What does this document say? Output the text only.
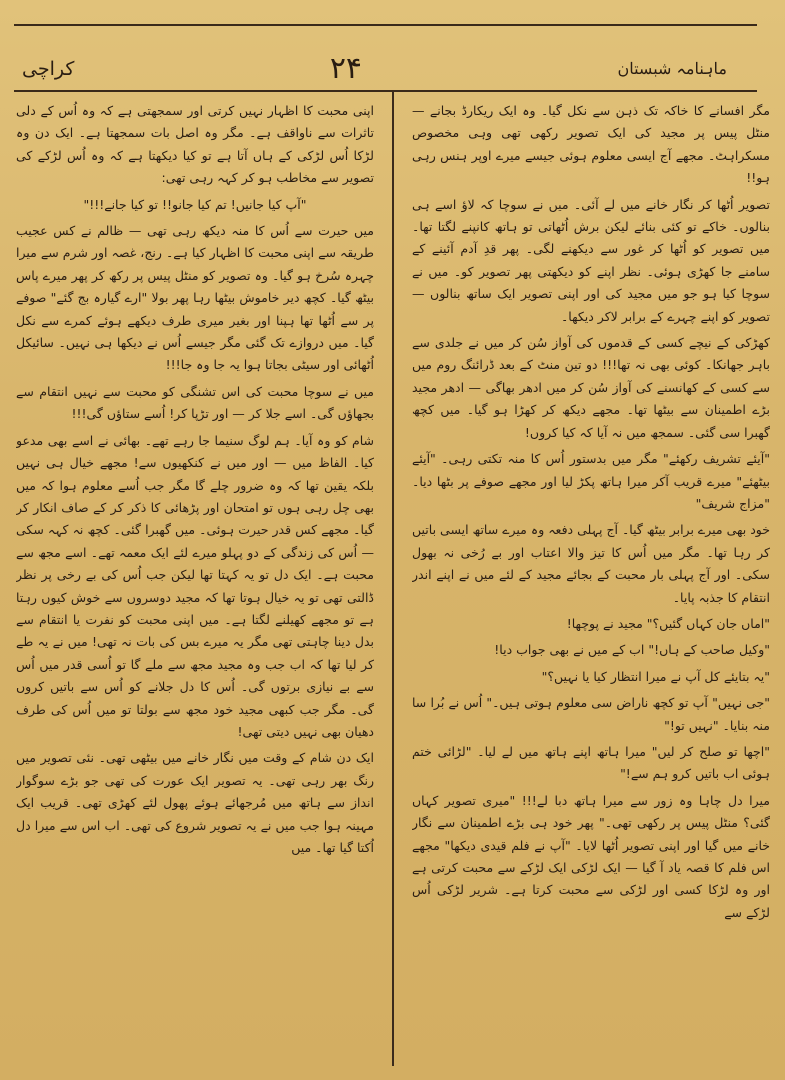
کراچی	۲۴	ماہنامہ شبستان

مگر افسانے کا خاکہ تک ذہن سے نکل گیا۔ وہ ایک ریکارڈ بجانے — منٹل پیس پر مجید کی ایک تصویر رکھی تھی وہی مخصوص مسکراہٹ۔ مجھے آج ایسی معلوم ہوئی جیسے میرے اوپر ہنس رہی ہو!!

تصویر اُٹھا کر نگار خانے میں لے آئی۔ میں نے سوچا کہ لاؤ اسے ہی بنالوں۔ خاکے تو کئی بنائے لیکن برش اُٹھاتی تو ہاتھ کانپنے لگتا تھا۔ میں تصویر کو اُٹھا کر غور سے دیکھنے لگی۔ پھر قدِ آدم آئینے کے سامنے جا کھڑی ہوئی۔ نظر اپنے کو دیکھتی پھر تصویر کو۔ میں نے سوچا کیا ہو جو میں مجید کی اور اپنی تصویر ایک ساتھ بنالوں — تصویر کو اپنے چہرے کے برابر لاکر دیکھا۔

کھڑکی کے نیچے کسی کے قدموں کی آواز سُن کر میں نے جلدی سے باہر جھانکا۔ کوئی بھی نہ تھا!!! دو تین منٹ کے بعد ڈرائنگ روم میں سے کسی کے کھانسنے کی آواز سُن کر میں ادھر بھاگی — ادھر مجید بڑے اطمینان سے بیٹھا تھا۔ مجھے دیکھ کر کھڑا ہو گیا۔ میں کچھ گھبرا سی گئی۔ سمجھ میں نہ آیا کہ کیا کروں!

"آیئے تشریف رکھئے" مگر میں بدستور اُس کا منہ تکتی رہی۔ "آیئے بیٹھئے" میرے قریب آکر میرا ہاتھ پکڑ لیا اور مجھے صوفے پر بٹھا دیا۔ "مزاج شریف"

خود بھی میرے برابر بیٹھ گیا۔ آج پہلی دفعہ وہ میرے ساتھ ایسی باتیں کر رہا تھا۔ مگر میں اُس کا تیز والا اعتاب اور بے رُخی نہ بھول سکی۔ اور آج پہلی بار محبت کے بجائے مجید کے لئے میں نے اپنے اندر انتقام کا جذبہ پایا۔

"اماں جان کہاں گئیں؟" مجید نے پوچھا!

"وکیل صاحب کے ہاں!" اب کے میں نے بھی جواب دیا!

"یہ بتایئے کل آپ نے میرا انتظار کیا یا نہیں؟"

"جی نہیں" آپ تو کچھ ناراض سی معلوم ہوتی ہیں۔" اُس نے بُرا سا منہ بنایا۔ "نہیں تو!"

"اچھا تو صلح کر لیں" میرا ہاتھ اپنے ہاتھ میں لے لیا۔ "لڑائی ختم ہوئی اب باتیں کرو ہم سے!"

میرا دل چاہا وہ زور سے میرا ہاتھ دبا لے!!! "میری تصویر کہاں گئی؟ منٹل پیس پر رکھی تھی۔" پھر خود ہی بڑے اطمینان سے نگار خانے میں گیا اور اپنی تصویر اُٹھا لایا۔ "آپ نے فلم قیدی دیکھا" مجھے اس فلم کا قصہ یاد آ گیا — ایک لڑکی ایک لڑکے سے محبت کرتی ہے اور وہ لڑکا کسی اور لڑکی سے محبت کرتا ہے۔ شریر لڑکی اُس لڑکے سے

اپنی محبت کا اظہار نہیں کرتی اور سمجھتی ہے کہ وہ اُس کے دلی تاثرات سے ناواقف ہے۔ مگر وہ اصل بات سمجھتا ہے۔ ایک دن وہ لڑکا اُس لڑکی کے ہاں آتا ہے تو کیا دیکھتا ہے کہ وہ اُس لڑکے کی تصویر سے مخاطب ہو کر کہہ رہی تھی:

"آپ کیا جانیں! تم کیا جانو!! تو کیا جانے!!!"

میں حیرت سے اُس کا منہ دیکھ رہی تھی — ظالم نے کس عجیب طریقہ سے اپنی محبت کا اظہار کیا ہے۔ رنج، غصہ اور شرم سے میرا چہرہ سُرخ ہو گیا۔ وہ تصویر کو منٹل پیس پر رکھ کر پھر میرے پاس بیٹھ گیا۔ کچھ دیر خاموش بیٹھا رہا پھر بولا "ارے گیارہ بج گئے" صوفے پر سے اُٹھا تھا ہپنا اور بغیر میری طرف دیکھے ہوئے کمرے سے نکل گیا۔ میں دروازے تک گئی مگر جیسے اُس نے دیکھا ہی نہیں۔ سائیکل اُٹھائی اور سیٹی بجاتا ہوا یہ جا وہ جا!!!

میں نے سوچا محبت کی اس تشنگی کو محبت سے نہیں انتقام سے بجھاؤں گی۔ اسے جلا کر — اور تڑپا کر! اُسے ستاؤں گی!!!

شام کو وہ آیا۔ ہم لوگ سنیما جا رہے تھے۔ بھائی نے اسے بھی مدعو کیا۔ الفاظ میں — اور میں نے کنکھیوں سے! مجھے خیال ہی نہیں بلکہ یقین تھا کہ وہ ضرور چلے گا مگر جب اُسے معلوم ہوا کہ میں بھی چل رہی ہوں تو امتحان اور پڑھائی کا ذکر کر کے صاف انکار کر گیا۔ مجھے کس قدر حیرت ہوئی۔ میں گھبرا گئی۔ کچھ نہ کہہ سکی — اُس کی زندگی کے دو پہلو میرے لئے ایک معمہ تھے۔ اسے مجھ سے محبت ہے۔ ایک دل تو یہ کہتا تھا لیکن جب اُس کی بے رخی پر نظر ڈالتی تھی تو یہ خیال ہوتا تھا کہ مجید دوسروں سے خوش کیوں رہتا ہے تو مجھے کھیلنے لگتا ہے۔ میں اپنی محبت کو نفرت یا انتقام سے بدل دینا چاہتی تھی مگر یہ میرے بس کی بات نہ تھی! میں نے یہ طے کر لیا تھا کہ اب جب وہ مجید مجھ سے ملے گا تو اُسی قدر میں اُس سے بے نیازی برتوں گی۔ اُس کا دل جلانے کو اُس سے باتیں کروں گی۔ مگر جب کبھی مجید خود مجھ سے بولتا تو میں اُس کی طرف دھیان بھی نہیں دیتی تھی!

ایک دن شام کے وقت میں نگار خانے میں بیٹھی تھی۔ نئی تصویر میں رنگ بھر رہی تھی۔ یہ تصویر ایک عورت کی تھی جو بڑے سوگوار انداز سے ہاتھ میں مُرجھائے ہوئے پھول لئے کھڑی تھی۔ قریب ایک مہینہ ہوا جب میں نے یہ تصویر شروع کی تھی۔ اب اس سے میرا دل اُکتا گیا تھا۔ میں
